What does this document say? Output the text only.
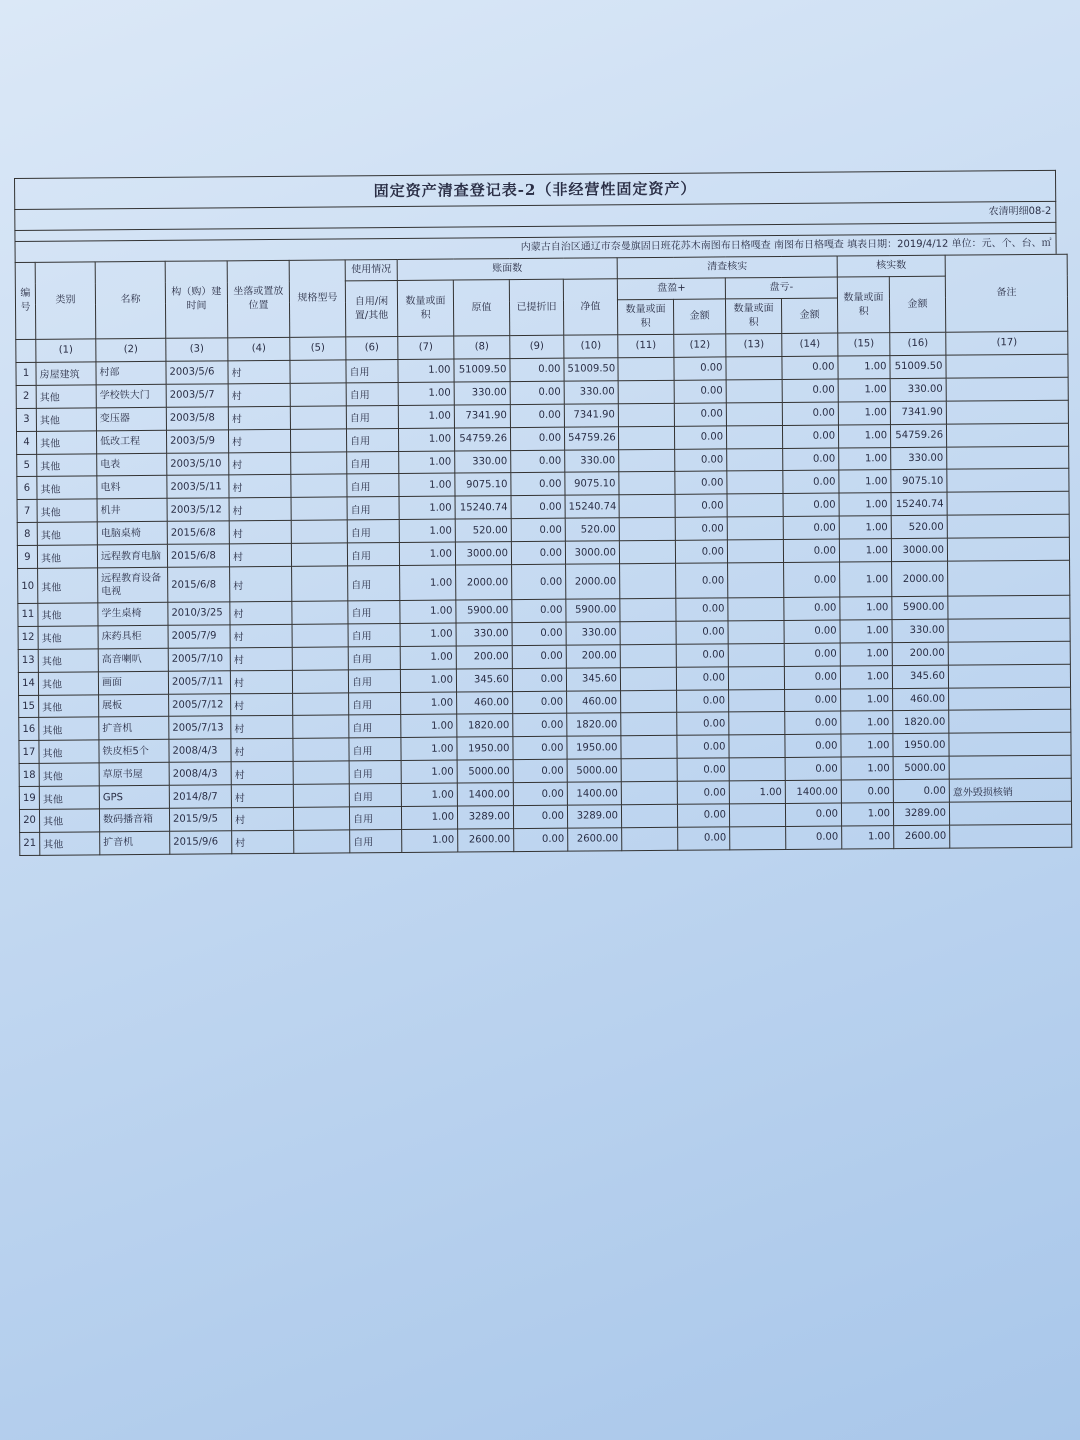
固定资产清查登记表-2（非经营性固定资产）
农清明细08-2
内蒙古自治区通辽市奈曼旗固日班花苏木南图布日格嘎查 南图布日格嘎查 填表日期：2019/4/12 单位：元、个、台、㎡
编号	类别	名称	构（购）建时间	坐落或置放位置	规格型号	使用情况	账面数				清查核实				核实数		备注
						自用/闲置/其他	数量或面积	原值	已提折旧	净值	盘盈+		盘亏-		数量或面积	金额	
											数量或面积	金额	数量或面积	金额			
	(1)	(2)	(3)	(4)	(5)	(6)	(7)	(8)	(9)	(10)	(11)	(12)	(13)	(14)	(15)	(16)	(17)
1	房屋建筑	村部	2003/5/6	村		自用	1.00	51009.50	0.00	51009.50		0.00		0.00	1.00	51009.50	
2	其他	学校铁大门	2003/5/7	村		自用	1.00	330.00	0.00	330.00		0.00		0.00	1.00	330.00	
3	其他	变压器	2003/5/8	村		自用	1.00	7341.90	0.00	7341.90		0.00		0.00	1.00	7341.90	
4	其他	低改工程	2003/5/9	村		自用	1.00	54759.26	0.00	54759.26		0.00		0.00	1.00	54759.26	
5	其他	电表	2003/5/10	村		自用	1.00	330.00	0.00	330.00		0.00		0.00	1.00	330.00	
6	其他	电料	2003/5/11	村		自用	1.00	9075.10	0.00	9075.10		0.00		0.00	1.00	9075.10	
7	其他	机井	2003/5/12	村		自用	1.00	15240.74	0.00	15240.74		0.00		0.00	1.00	15240.74	
8	其他	电脑桌椅	2015/6/8	村		自用	1.00	520.00	0.00	520.00		0.00		0.00	1.00	520.00	
9	其他	远程教育电脑	2015/6/8	村		自用	1.00	3000.00	0.00	3000.00		0.00		0.00	1.00	3000.00	
10	其他	远程教育设备电视	2015/6/8	村		自用	1.00	2000.00	0.00	2000.00		0.00		0.00	1.00	2000.00	
11	其他	学生桌椅	2010/3/25	村		自用	1.00	5900.00	0.00	5900.00		0.00		0.00	1.00	5900.00	
12	其他	床药具柜	2005/7/9	村		自用	1.00	330.00	0.00	330.00		0.00		0.00	1.00	330.00	
13	其他	高音喇叭	2005/7/10	村		自用	1.00	200.00	0.00	200.00		0.00		0.00	1.00	200.00	
14	其他	画面	2005/7/11	村		自用	1.00	345.60	0.00	345.60		0.00		0.00	1.00	345.60	
15	其他	展板	2005/7/12	村		自用	1.00	460.00	0.00	460.00		0.00		0.00	1.00	460.00	
16	其他	扩音机	2005/7/13	村		自用	1.00	1820.00	0.00	1820.00		0.00		0.00	1.00	1820.00	
17	其他	铁皮柜5个	2008/4/3	村		自用	1.00	1950.00	0.00	1950.00		0.00		0.00	1.00	1950.00	
18	其他	草原书屋	2008/4/3	村		自用	1.00	5000.00	0.00	5000.00		0.00		0.00	1.00	5000.00	
19	其他	GPS	2014/8/7	村		自用	1.00	1400.00	0.00	1400.00		0.00	1.00	1400.00	0.00	0.00	意外毁损核销
20	其他	数码播音箱	2015/9/5	村		自用	1.00	3289.00	0.00	3289.00		0.00		0.00	1.00	3289.00	
21	其他	扩音机	2015/9/6	村		自用	1.00	2600.00	0.00	2600.00		0.00		0.00	1.00	2600.00	
